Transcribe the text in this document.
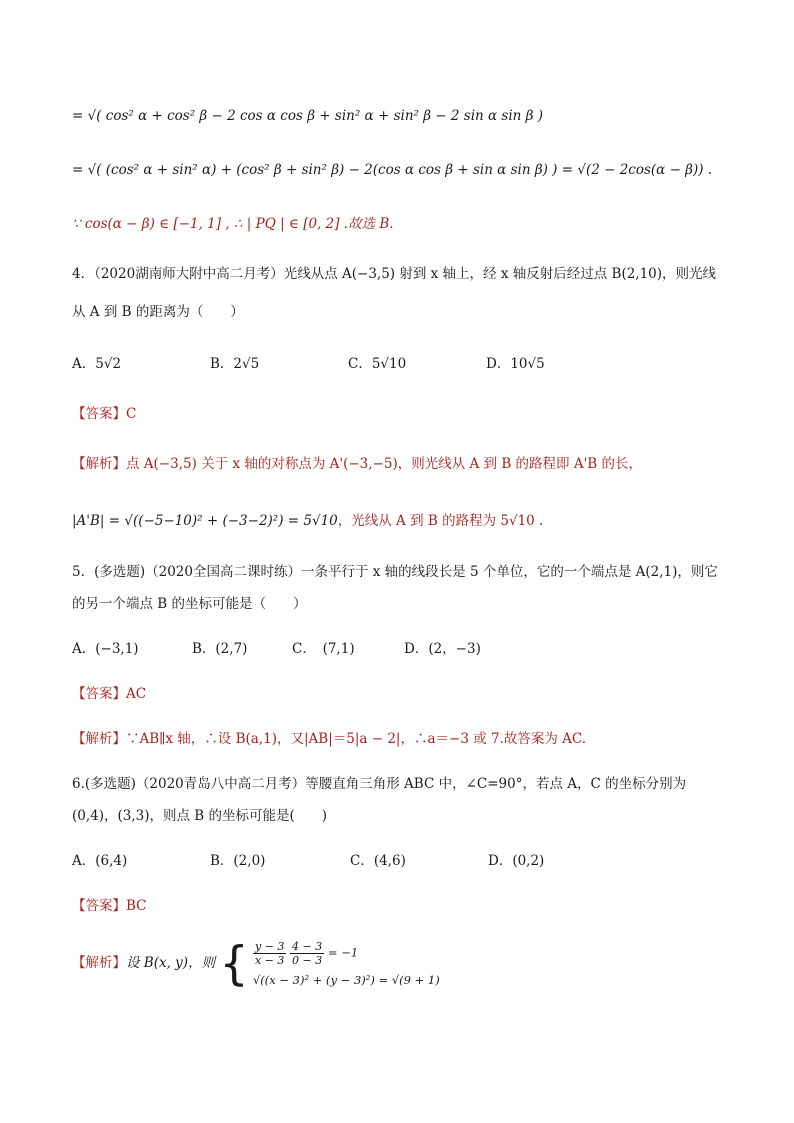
= √( cos² α + cos² β − 2 cos α cos β + sin² α + sin² β − 2 sin α sin β )
= √( (cos² α + sin² α) + (cos² β + sin² β) − 2(cos α cos β + sin α sin β) ) = √(2 − 2cos(α − β)) .
∵ cos(α − β) ∈ [−1, 1] , ∴ | PQ | ∈ [0, 2] .故选 B.
4．（2020湖南师大附中高二月考）光线从点 A(−3,5) 射到 x 轴上，经 x 轴反射后经过点 B(2,10)，则光线
从 A 到 B 的距离为（　　）
A．5√2	B．2√5	C．5√10	D．10√5
【答案】C
【解析】点 A(−3,5) 关于 x 轴的对称点为 A'(−3,−5)，则光线从 A 到 B 的路程即 A'B 的长，
|A'B| = √((−5−10)² + (−3−2)²) = 5√10，光线从 A 到 B 的路程为 5√10 .
5．(多选题)（2020全国高二课时练）一条平行于 x 轴的线段长是 5 个单位，它的一个端点是 A(2,1)，则它
的另一个端点 B 的坐标可能是（　　）
A．(−3,1)	B．(2,7)	C．　(7,1)	D．(2，−3)
【答案】AC
【解析】∵AB∥x 轴，∴设 B(a,1)，又|AB|＝5|a − 2|，∴a＝−3 或 7.故答案为 AC.
6.(多选题)（2020青岛八中高二月考）等腰直角三角形 ABC 中，∠C=90°，若点 A，C 的坐标分别为
(0,4)，(3,3)，则点 B 的坐标可能是(　　)
A．(6,4)	B．(2,0)	C．(4,6)	D．(0,2)
【答案】BC
【解析】设 B(x, y)，则 { $\frac{y - 3}{x - 3}$
$\frac{4 - 3}{0 - 3} = -1$
√((x − 3)² + (y − 3)²) = √(9 + 1)
